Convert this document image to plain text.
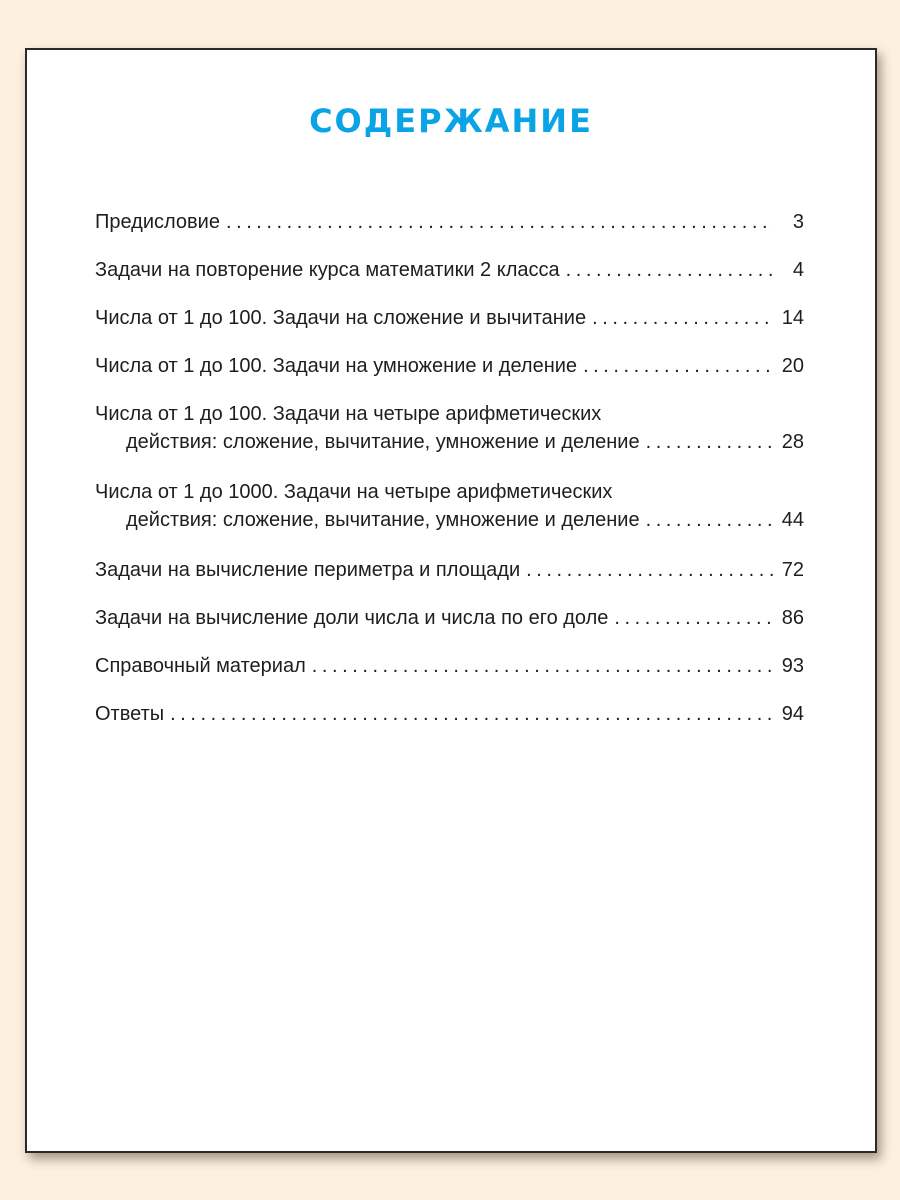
СОДЕРЖАНИЕ
Предисловие . . .	3
Задачи на повторение курса математики 2 класса . . .	4
Числа от 1 до 100. Задачи на сложение и вычитание . . .	14
Числа от 1 до 100. Задачи на умножение и деление . . .	20
Числа от 1 до 100. Задачи на четыре арифметических
действия: сложение, вычитание, умножение и деление . . .	28
Числа от 1 до 1000. Задачи на четыре арифметических
действия: сложение, вычитание, умножение и деление . . .	44
Задачи на вычисление периметра и площади . . .	72
Задачи на вычисление доли числа и числа по его доле . . .	86
Справочный материал . . .	93
Ответы . . .	94
